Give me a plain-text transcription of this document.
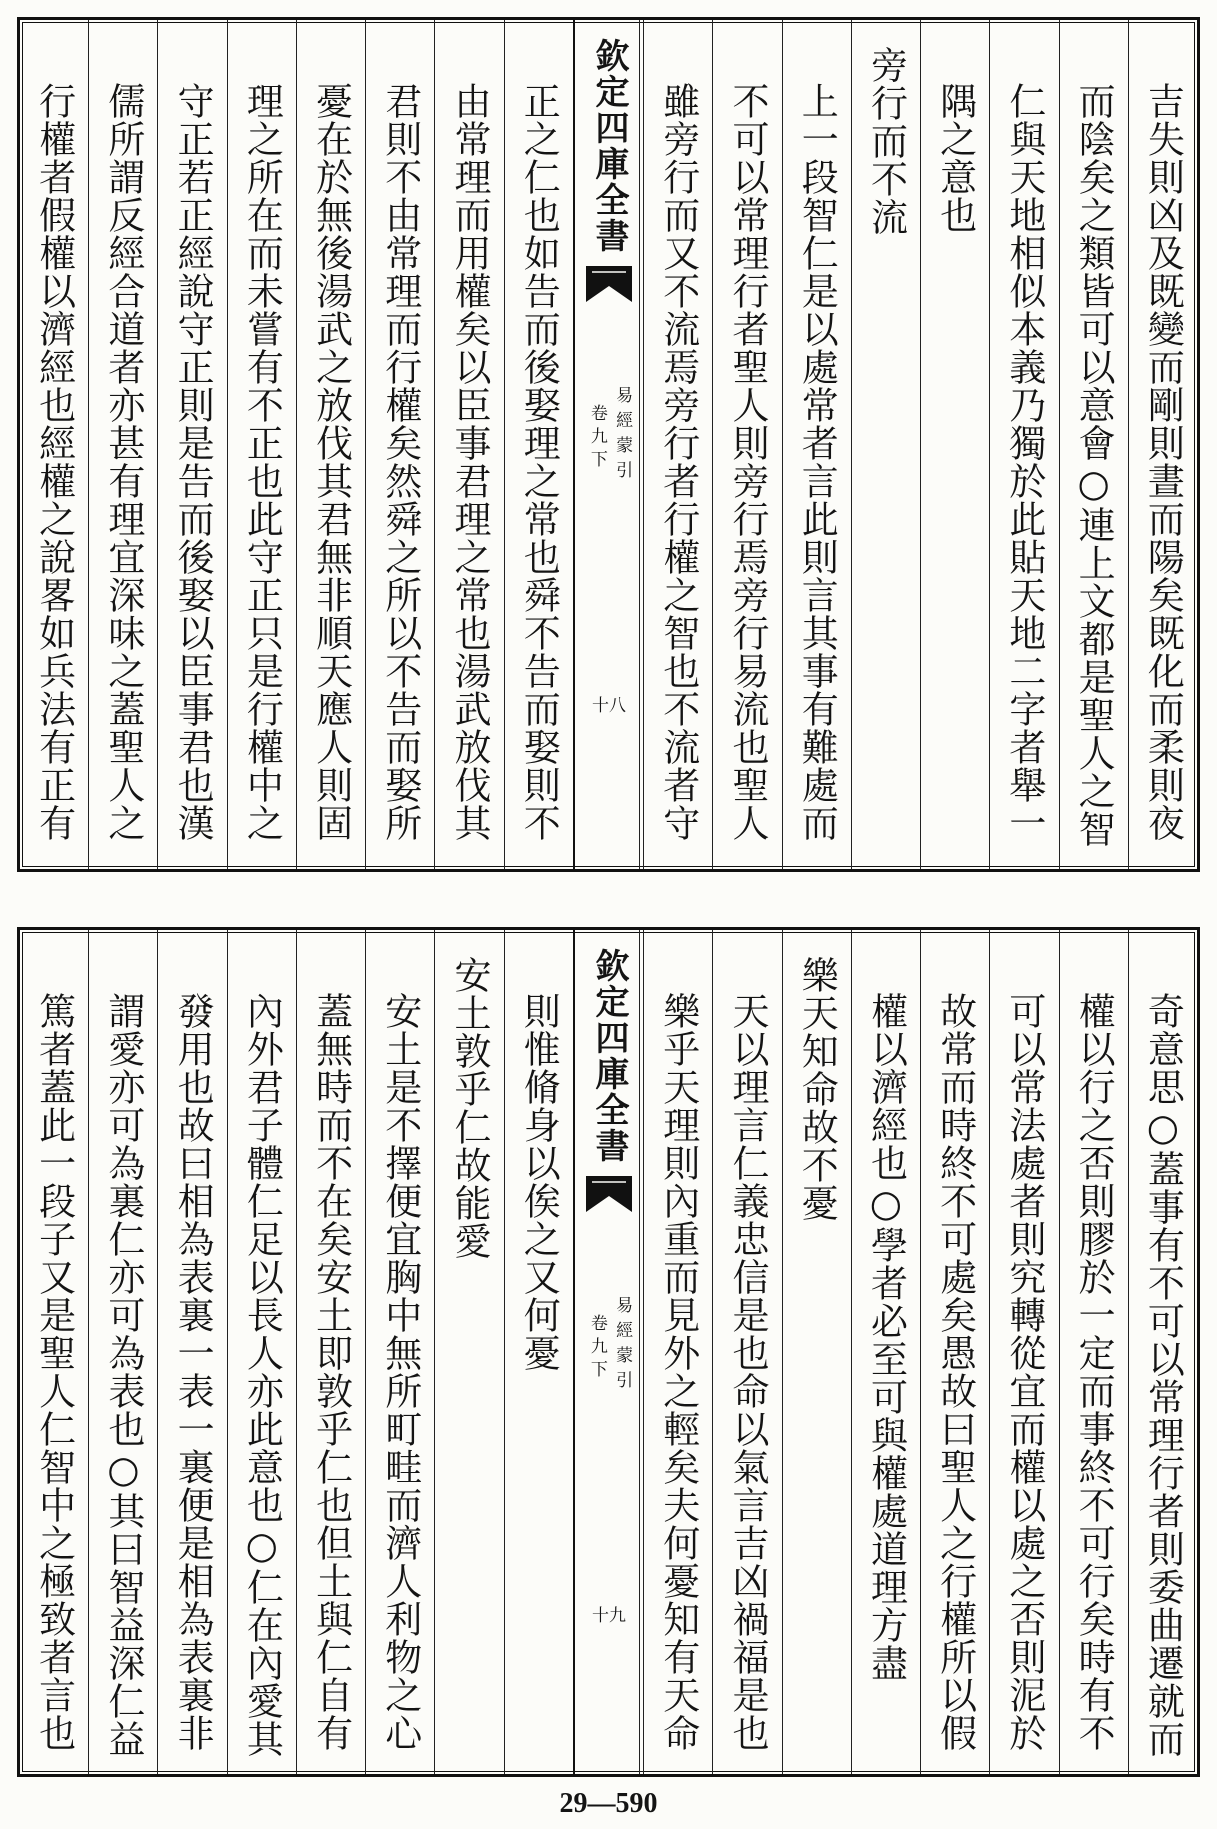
吉失則凶及既變而剛則晝而陽矣既化而柔則夜
而陰矣之類皆可以意會○連上文都是聖人之智
仁與天地相似本義乃獨於此貼天地二字者舉一
隅之意也
旁行而不流
上一段智仁是以處常者言此則言其事有難處而
不可以常理行者聖人則旁行焉旁行易流也聖人
雖旁行而又不流焉旁行者行權之智也不流者守
欽定四庫全書
易經蒙引
卷九下
十八
正之仁也如告而後娶理之常也舜不告而娶則不
由常理而用權矣以臣事君理之常也湯武放伐其
君則不由常理而行權矣然舜之所以不告而娶所
憂在於無後湯武之放伐其君無非順天應人則固
理之所在而未嘗有不正也此守正只是行權中之
守正若正經說守正則是告而後娶以臣事君也漢
儒所謂反經合道者亦甚有理宜深味之蓋聖人之
行權者假權以濟經也經權之說畧如兵法有正有
奇意思○蓋事有不可以常理行者則委曲遷就而
權以行之否則膠於一定而事終不可行矣時有不
可以常法處者則究轉從宜而權以處之否則泥於
故常而時終不可處矣愚故曰聖人之行權所以假
權以濟經也○學者必至可與權處道理方盡
樂天知命故不憂
天以理言仁義忠信是也命以氣言吉凶禍福是也
樂乎天理則內重而見外之輕矣夫何憂知有天命
欽定四庫全書
易經蒙引
卷九下
十九
則惟脩身以俟之又何憂
安土敦乎仁故能愛
安土是不擇便宜胸中無所町畦而濟人利物之心
蓋無時而不在矣安土即敦乎仁也但土與仁自有
內外君子體仁足以長人亦此意也○仁在內愛其
發用也故曰相為表裏一表一裏便是相為表裏非
謂愛亦可為裏仁亦可為表也○其曰智益深仁益
篤者蓋此一段子又是聖人仁智中之極致者言也
29—590
